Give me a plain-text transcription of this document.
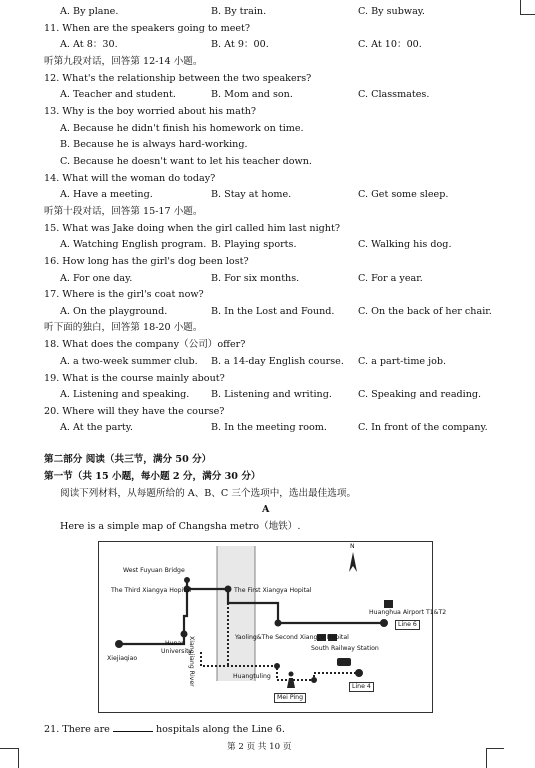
A. By plane.	B. By train.	C. By subway.
11. When are the speakers going to meet?
A. At 8：30.	B. At 9：00.	C. At 10：00.
听第九段对话，回答第 12-14 小题。
12. What's the relationship between the two speakers?
A. Teacher and student.	B. Mom and son.	C. Classmates.
13. Why is the boy worried about his math?
A. Because he didn't finish his homework on time.
B. Because he is always hard-working.
C. Because he doesn't want to let his teacher down.
14. What will the woman do today?
A. Have a meeting.	B. Stay at home.	C. Get some sleep.
听第十段对话，回答第 15-17 小题。
15. What was Jake doing when the girl called him last night?
A. Watching English program. B. Playing sports.	C. Walking his dog.
16. How long has the girl's dog been lost?
A. For one day.	B. For six months.	C. For a year.
17. Where is the girl's coat now?
A. On the playground.	B. In the Lost and Found. C. On the back of her chair.
听下面的独白，回答第 18-20 小题。
18. What does the company（公司）offer?
A. a two-week summer club. B. a 14-day English course. C. a part-time job.
19. What is the course mainly about?
A. Listening and speaking. B. Listening and writing.	C. Speaking and reading.
20. Where will they have the course?
A. At the party.	B. In the meeting room.	C. In front of the company.
第二部分 阅读（共三节，满分 50 分）
第一节（共 15 小题，每小题 2 分，满分 30 分）
阅读下列材料，从每题所给的 A、B、C 三个选项中，选出最佳选项。
A
Here is a simple map of Changsha metro（地铁）.
West Fuyuan Bridge
The Third Xiangya Hopital	The First Xiangya Hopital
N
Huanghua Airport T1&T2
Line 6
Xiangjiang River
Hunan
University
Xiejiaqiao
Yaoling&The Second Xiangya Hopital
Huangtuling
Mei Ping
South Railway Station
Line 4
21. There are	hospitals along the Line 6.
第 2 页 共 10 页
